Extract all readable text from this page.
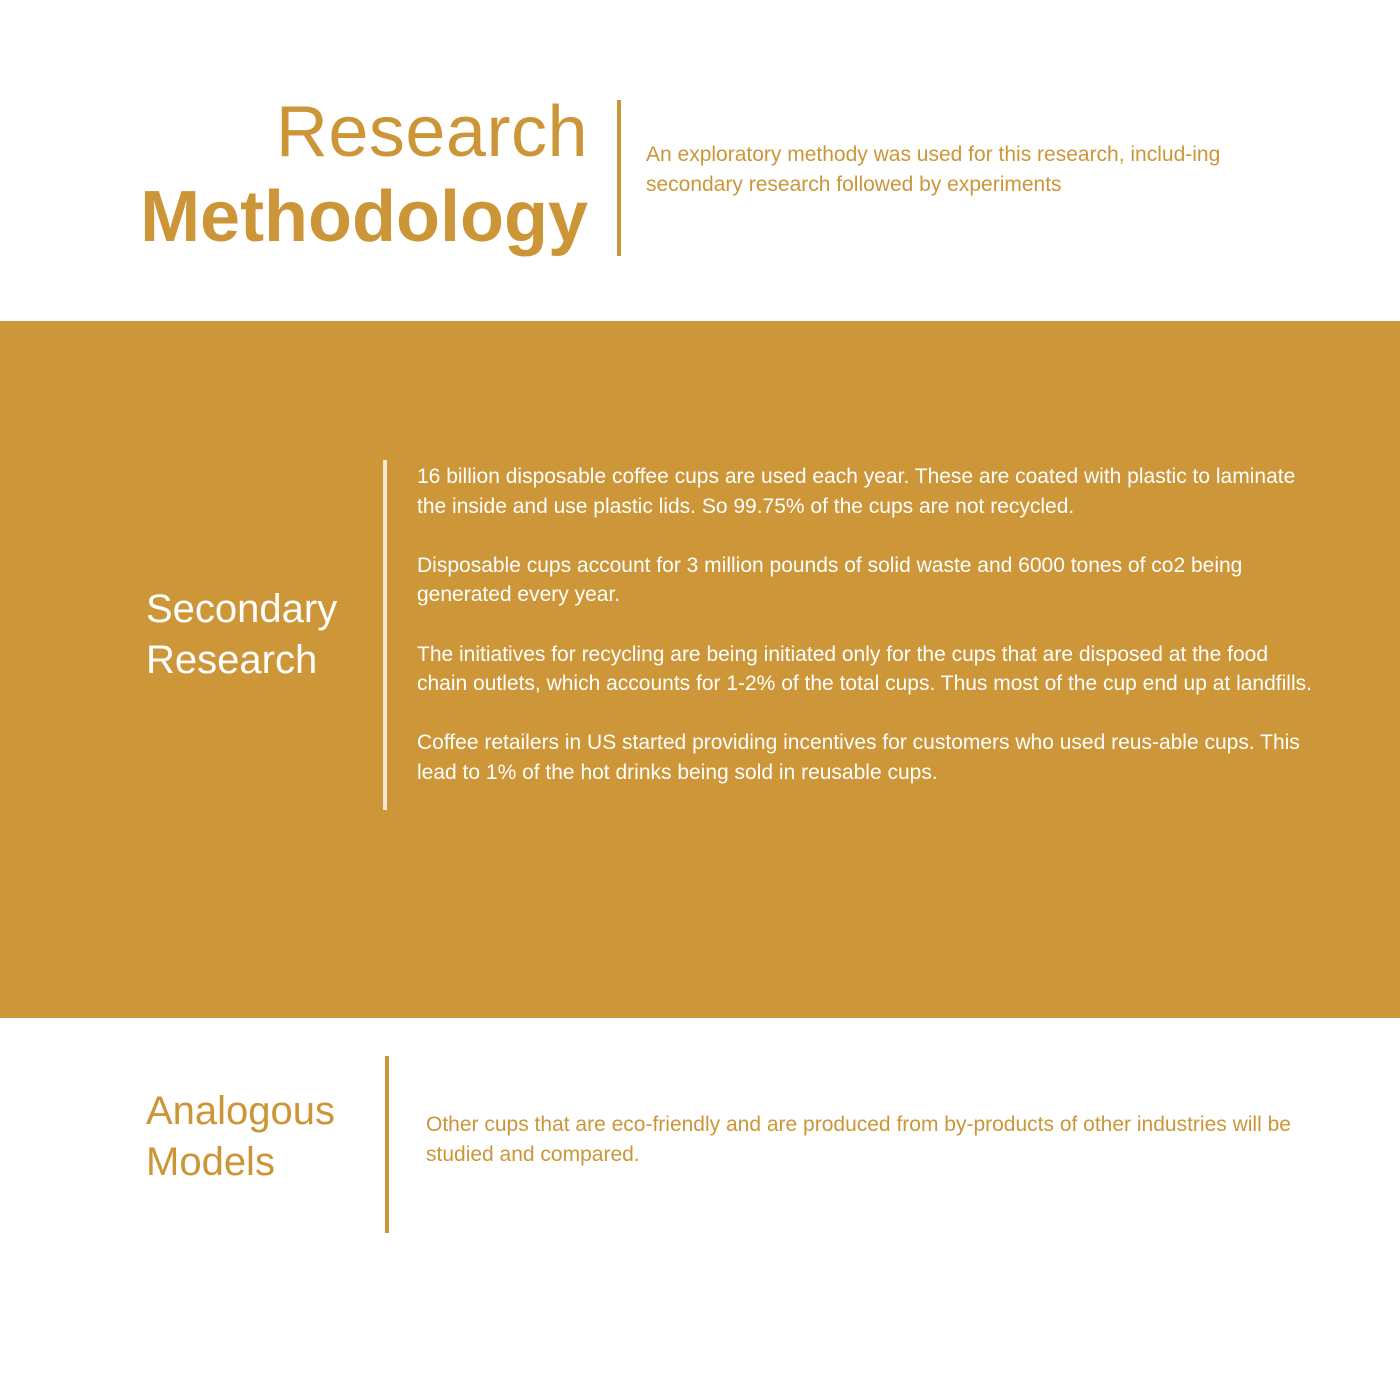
Research
Methodology
An exploratory methody was used for this research, includ-ing secondary research followed by experiments
Secondary
Research

16 billion disposable coffee cups are used each year. These are coated with plastic to laminate the inside and use plastic lids. So 99.75% of the cups are not recycled.

Disposable cups account for 3 million pounds of solid waste and 6000 tones of co2 being generated every year.

The initiatives for recycling are being initiated only for the cups that are disposed at the food chain outlets, which accounts for 1-2% of the total cups. Thus most of the cup end up at landfills.

Coffee retailers in US started providing incentives for customers who used reus-able cups. This lead to 1% of the hot drinks being sold in reusable cups.

Analogous
Models
Other cups that are eco-friendly and are produced from by-products of other industries will be studied and compared.
